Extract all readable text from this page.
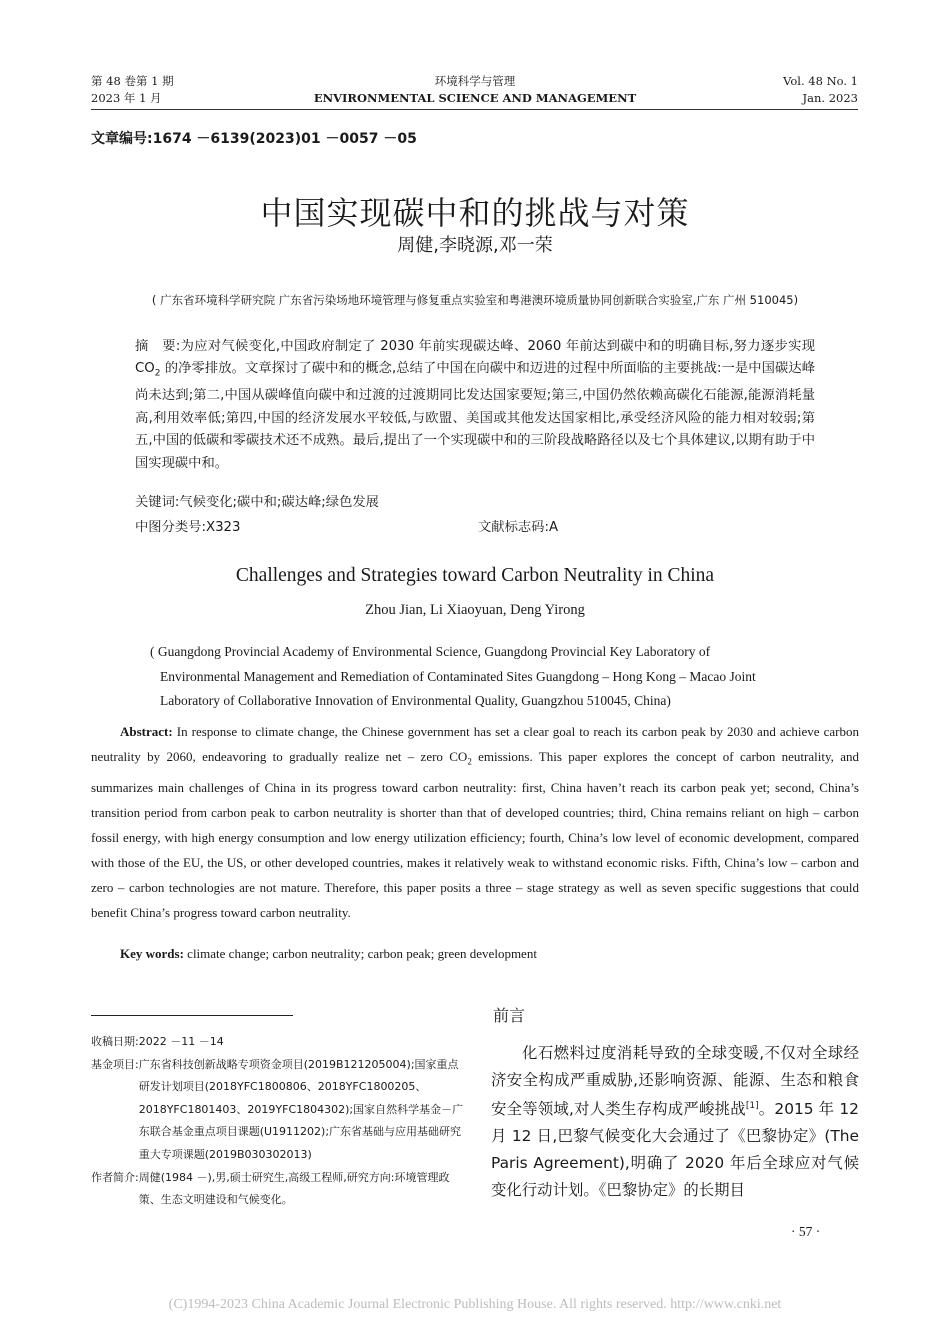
第 48 卷第 1 期
2023 年 1 月
环境科学与管理
ENVIRONMENTAL SCIENCE AND MANAGEMENT
Vol. 48 No. 1
Jan. 2023
文章编号:1674 －6139(2023)01 －0057 －05
中国实现碳中和的挑战与对策
周健,李晓源,邓一荣
( 广东省环境科学研究院 广东省污染场地环境管理与修复重点实验室和粤港澳环境质量协同创新联合实验室,广东 广州 510045)
摘　要:为应对气候变化,中国政府制定了 2030 年前实现碳达峰、2060 年前达到碳中和的明确目标,努力逐步实现 $CO_2$ 的净零排放。文章探讨了碳中和的概念,总结了中国在向碳中和迈进的过程中所面临的主要挑战:一是中国碳达峰尚未达到;第二,中国从碳峰值向碳中和过渡的过渡期同比发达国家要短;第三,中国仍然依赖高碳化石能源,能源消耗量高,利用效率低;第四,中国的经济发展水平较低,与欧盟、美国或其他发达国家相比,承受经济风险的能力相对较弱;第五,中国的低碳和零碳技术还不成熟。最后,提出了一个实现碳中和的三阶段战略路径以及七个具体建议,以期有助于中国实现碳中和。
关键词:气候变化;碳中和;碳达峰;绿色发展
中图分类号:X323	文献标志码:A
Challenges and Strategies toward Carbon Neutrality in China
Zhou Jian, Li Xiaoyuan, Deng Yirong
( Guangdong Provincial Academy of Environmental Science, Guangdong Provincial Key Laboratory of
Environmental Management and Remediation of Contaminated Sites Guangdong – Hong Kong – Macao Joint
Laboratory of Collaborative Innovation of Environmental Quality, Guangzhou 510045, China)
Abstract: In response to climate change, the Chinese government has set a clear goal to reach its carbon peak by 2030 and achieve carbon neutrality by 2060, endeavoring to gradually realize net – zero $CO_2$ emissions. This paper explores the concept of carbon neutrality, and summarizes main challenges of China in its progress toward carbon neutrality: first, China haven’t reach its carbon peak yet; second, China’s transition period from carbon peak to carbon neutrality is shorter than that of developed countries; third, China remains reliant on high – carbon fossil energy, with high energy consumption and low energy utilization efficiency; fourth, China’s low level of economic development, compared with those of the EU, the US, or other developed countries, makes it relatively weak to withstand economic risks. Fifth, China’s low – carbon and zero – carbon technologies are not mature. Therefore, this paper posits a three – stage strategy as well as seven specific suggestions that could benefit China’s progress toward carbon neutrality.
Key words: climate change; carbon neutrality; carbon peak; green development
收稿日期: 2022 －11 －14
基金项目: 广东省科技创新战略专项资金项目(2019B121205004);国家重点研发计划项目(2018YFC1800806、2018YFC1800205、2018YFC1801403、2019YFC1804302);国家自然科学基金－广东联合基金重点项目课题(U1911202);广东省基础与应用基础研究重大专项课题(2019B030302013)
作者简介: 周健(1984 －),男,硕士研究生,高级工程师,研究方向:环境管理政策、生态文明建设和气候变化。
前言
化石燃料过度消耗导致的全球变暖,不仅对全球经济安全构成严重威胁,还影响资源、能源、生态和粮食安全等领域,对人类生存构成严峻挑战[1]。2015 年 12 月 12 日,巴黎气候变化大会通过了《巴黎协定》(The Paris Agreement),明确了 2020 年后全球应对气候变化行动计划。《巴黎协定》的长期目
· 57 ·
(C)1994-2023 China Academic Journal Electronic Publishing House. All rights reserved. http://www.cnki.net
